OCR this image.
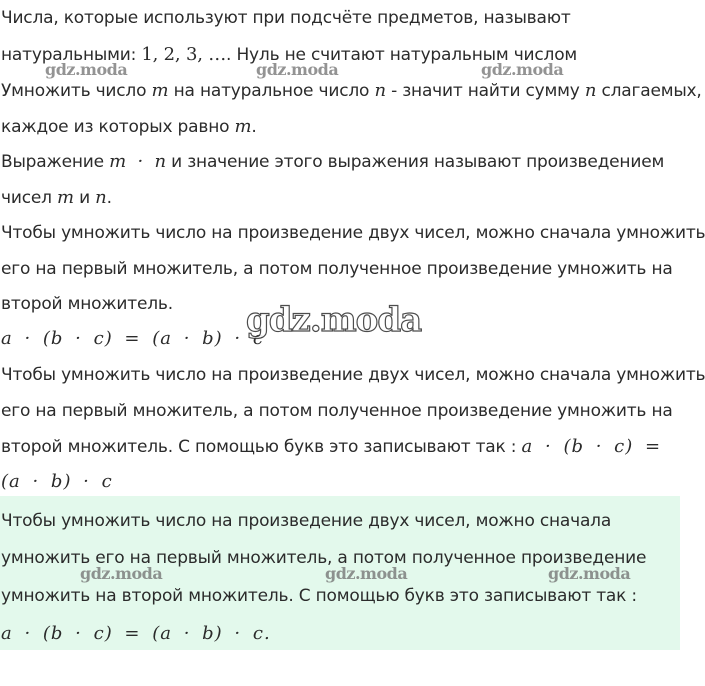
Числа, которые используют при подсчёте предметов, называют
натуральными: 1, 2, 3, …. Нуль не считают натуральным числом
Умножить число m на натуральное число n - значит найти сумму n слагаемых,
каждое из которых равно m.
Выражение m · n и значение этого выражения называют произведением
чисел m и n.
Чтобы умножить число на произведение двух чисел, можно сначала умножить
его на первый множитель, а потом полученное произведение умножить на
второй множитель.
a · (b · c) = (a · b) · c
Чтобы умножить число на произведение двух чисел, можно сначала умножить
его на первый множитель, а потом полученное произведение умножить на
второй множитель. С помощью букв это записывают так : a · (b · c) =
(a · b) · c
Чтобы умножить число на произведение двух чисел, можно сначала
умножить его на первый множитель, а потом полученное произведение
умножить на второй множитель. С помощью букв это записывают так :
a · (b · c) = (a · b) · c.
gdz.moda	gdz.moda	gdz.moda
gdz.moda
gdz.moda	gdz.moda	gdz.moda
